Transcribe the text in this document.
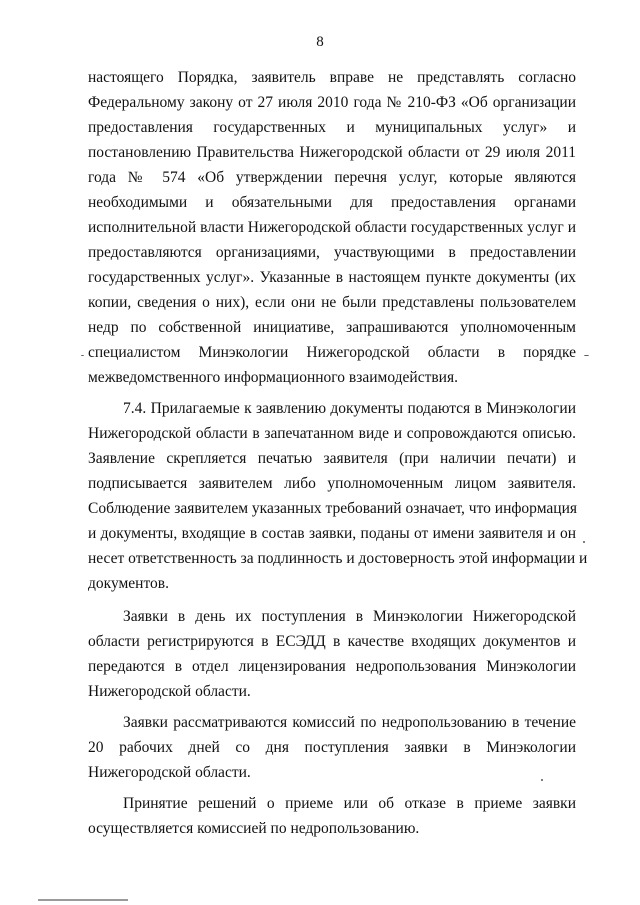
8
настоящего Порядка, заявитель вправе не представлять согласно
Федеральному закону от 27 июля 2010 года № 210-ФЗ «Об организации
предоставления государственных и муниципальных услуг» и
постановлению Правительства Нижегородской области от 29 июля 2011
года № 574 «Об утверждении перечня услуг, которые являются
необходимыми и обязательными для предоставления органами
исполнительной власти Нижегородской области государственных услуг и
предоставляются организациями, участвующими в предоставлении
государственных услуг». Указанные в настоящем пункте документы (их
копии, сведения о них), если они не были представлены пользователем
недр по собственной инициативе, запрашиваются уполномоченным
специалистом Минэкологии Нижегородской области в порядке
межведомственного информационного взаимодействия.
7.4. Прилагаемые к заявлению документы подаются в Минэкологии
Нижегородской области в запечатанном виде и сопровождаются описью.
Заявление скрепляется печатью заявителя (при наличии печати) и
подписывается заявителем либо уполномоченным лицом заявителя.
Соблюдение заявителем указанных требований означает, что информация
и документы, входящие в состав заявки, поданы от имени заявителя и он
несет ответственность за подлинность и достоверность этой информации и
документов.
Заявки в день их поступления в Минэкологии Нижегородской
области регистрируются в ЕСЭДД в качестве входящих документов и
передаются в отдел лицензирования недропользования Минэкологии
Нижегородской области.
Заявки рассматриваются комиссий по недропользованию в течение
20 рабочих дней со дня поступления заявки в Минэкологии
Нижегородской области.
Принятие решений о приеме или об отказе в приеме заявки
осуществляется комиссией по недропользованию.
